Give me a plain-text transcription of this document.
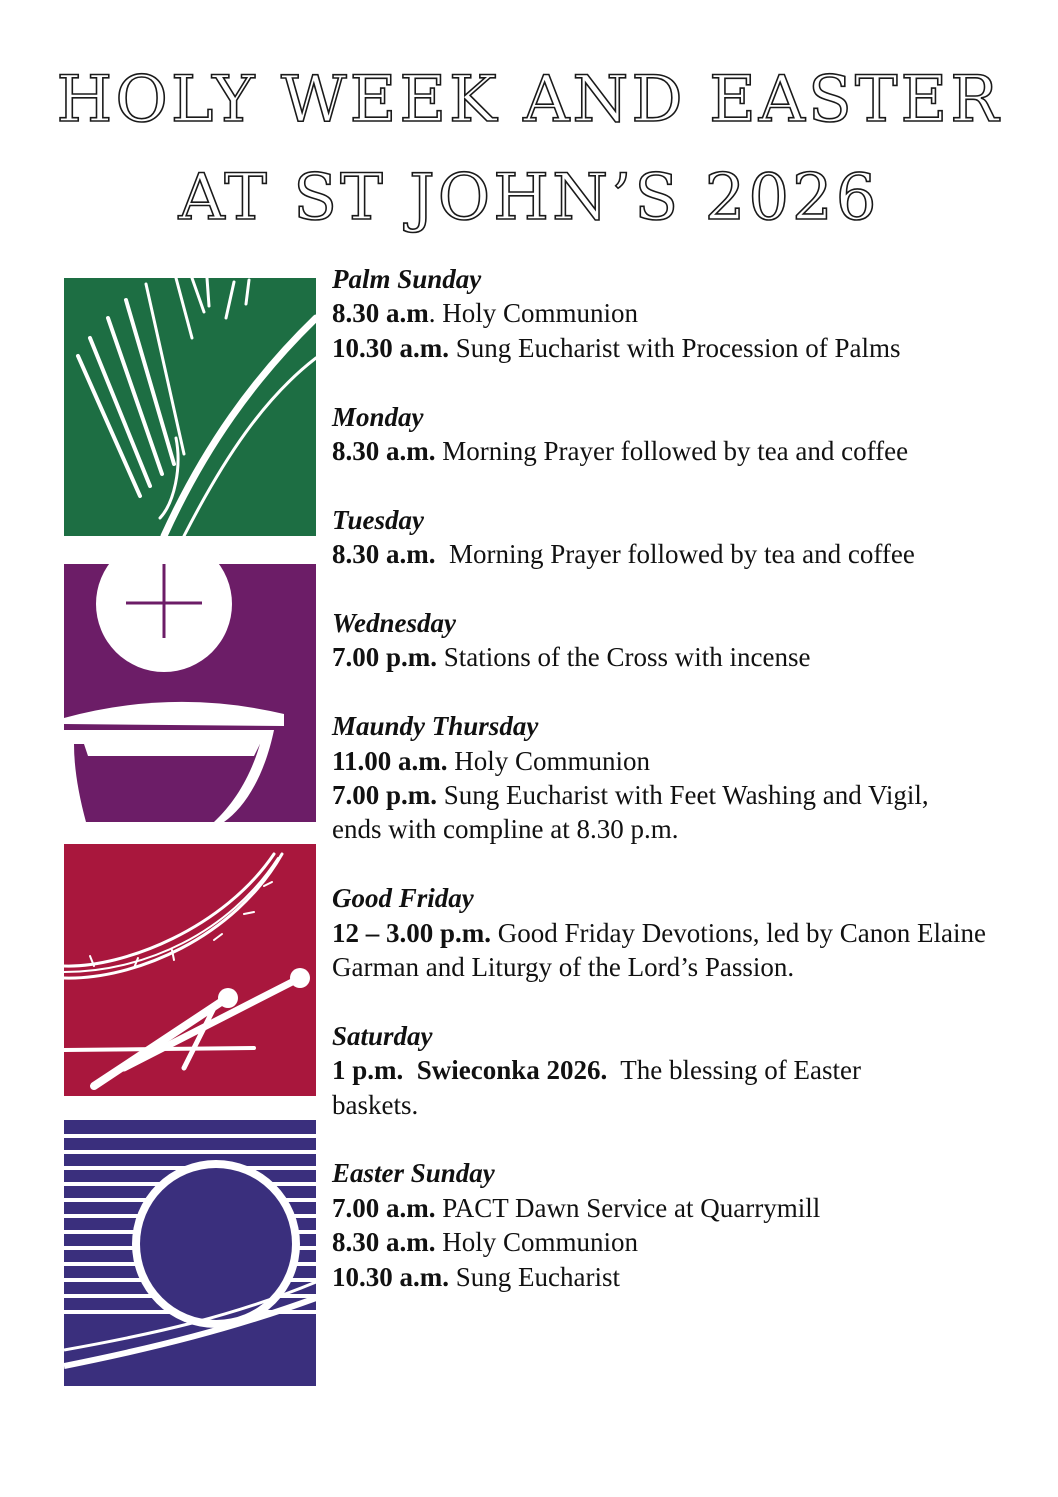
HOLY WEEK AND EASTER
AT ST JOHN’S 2026
Palm Sunday
8.30 a.m. Holy Communion
10.30 a.m. Sung Eucharist with Procession of Palms
Monday
8.30 a.m. Morning Prayer followed by tea and coffee
Tuesday
8.30 a.m.  Morning Prayer followed by tea and coffee
Wednesday
7.00 p.m. Stations of the Cross with incense
Maundy Thursday
11.00 a.m. Holy Communion
7.00 p.m. Sung Eucharist with Feet Washing and Vigil, ends with compline at 8.30 p.m.
Good Friday
12 – 3.00 p.m. Good Friday Devotions, led by Canon Elaine Garman and Liturgy of the Lord’s Passion.
Saturday
1 p.m.  Swieconka 2026.  The blessing of Easter baskets.
Easter Sunday
7.00 a.m. PACT Dawn Service at Quarrymill
8.30 a.m. Holy Communion
10.30 a.m. Sung Eucharist
